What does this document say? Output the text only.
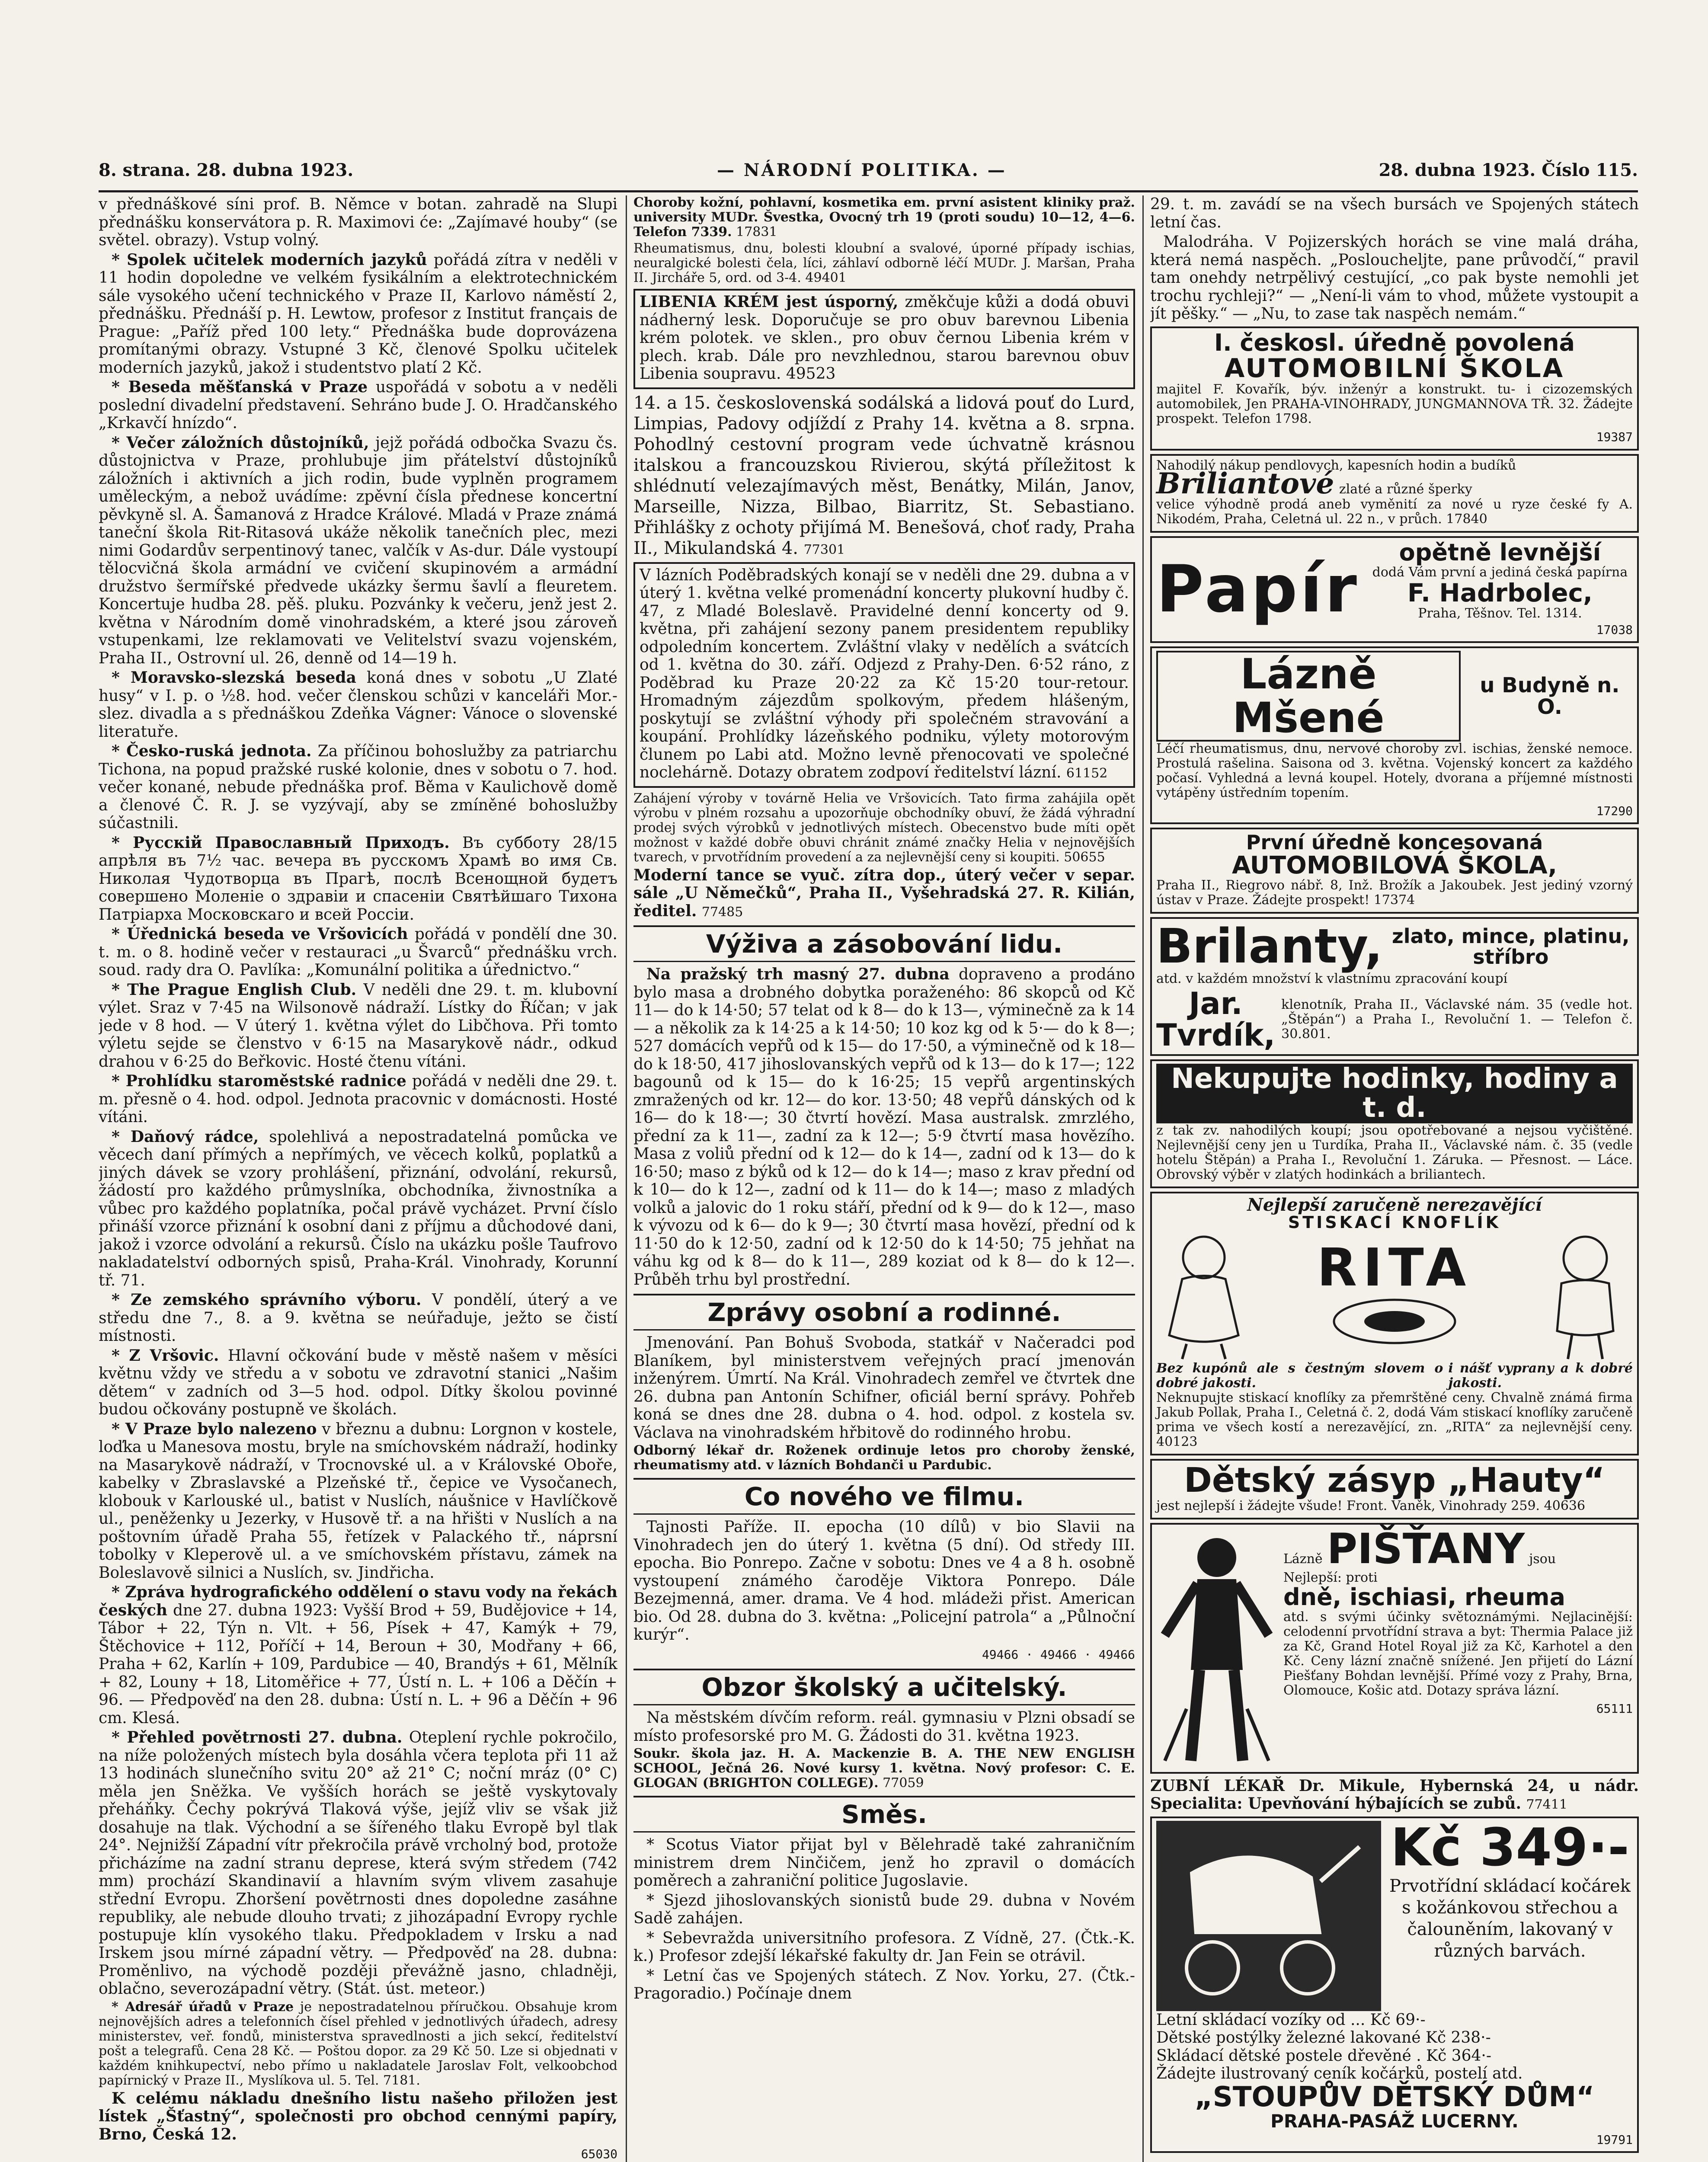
8. strana. 28. dubna 1923.	— NÁRODNÍ POLITIKA. —	28. dubna 1923. Číslo 115.

v přednáškové síni prof. B. Němce v botan. zahradě na Slupi přednášku konservátora p. R. Maximovi će: „Zajímavé houby“ (se světel. obrazy). Vstup volný.

* Spolek učitelek moderních jazyků pořádá zítra v neděli v 11 hodin dopoledne ve velkém fysikálním a elektrotechnickém sále vysokého učení technického v Praze II, Karlovo náměstí 2, přednášku. Přednáší p. H. Lewtow, profesor z Institut français de Prague: „Paříž před 100 lety.“ Přednáška bude doprovázena promítanými obrazy. Vstupné 3 Kč, členové Spolku učitelek moderních jazyků, jakož i studentstvo platí 2 Kč.

* Beseda měšťanská v Praze uspořádá v sobotu a v neděli poslední divadelní představení. Sehráno bude J. O. Hradčanského „Krkavčí hnízdo“.

* Večer záložních důstojníků, jejž pořádá odbočka Svazu čs. důstojnictva v Praze, prohlubuje jim přátelství důstojníků záložních i aktivních a jich rodin, bude vyplněn programem uměleckým, a nebož uvádíme: zpěvní čísla přednese koncertní pěvkyně sl. A. Šamanová z Hradce Králové. Mladá v Praze známá taneční škola Rit-Ritasová ukáže několik tanečních plec, mezi nimi Godardův serpentinový tanec, valčík v As-dur. Dále vystoupí tělocvičná škola armádní ve cvičení skupinovém a armádní družstvo šermířské předvede ukázky šermu šavlí a fleuretem. Koncertuje hudba 28. pěš. pluku. Pozvánky k večeru, jenž jest 2. května v Národním domě vinohradském, a které jsou zároveň vstupenkami, lze reklamovati ve Velitelství svazu vojenském, Praha II., Ostrovní ul. 26, denně od 14—19 h.

* Moravsko-slezská beseda koná dnes v sobotu „U Zlaté husy“ v I. p. o ½8. hod. večer členskou schůzi v kanceláři Mor.-slez. divadla a s přednáškou Zdeňka Vágner: Vánoce o slovenské literatuře.

* Česko-ruská jednota. Za příčinou bohoslužby za patriarchu Tichona, na popud pražské ruské kolonie, dnes v sobotu o 7. hod. večer konané, nebude přednáška prof. Běma v Kaulichově domě a členové Č. R. J. se vyzývají, aby se zmíněné bohoslužby súčastnili.

* Русскій Православный Приходъ. Въ субботу 28/15 апрѣля въ 7½ час. вечера въ русскомъ Храмѣ во имя Св. Николая Чудотворца въ Прагѣ, послѣ Всенощной будетъ совершено Моленіе о здравіи и спасеніи Святѣйшаго Тихона Патріарха Московскаго и всей Россіи.

* Úřednická beseda ve Vršovicích pořádá v pondělí dne 30. t. m. o 8. hodině večer v restauraci „u Švarců“ přednášku vrch. soud. rady dra O. Pavlíka: „Komunální politika a úřednictvo.“

* The Prague English Club. V neděli dne 29. t. m. klubovní výlet. Sraz v 7·45 na Wilsonově nádraží. Lístky do Říčan; v jak jede v 8 hod. — V úterý 1. května výlet do Libčhova. Při tomto výletu sejde se členstvo v 6·15 na Masarykově nádr., odkud drahou v 6·25 do Beřkovic. Hosté čtenu vítáni.

* Prohlídku staroměstské radnice pořádá v neděli dne 29. t. m. přesně o 4. hod. odpol. Jednota pracovnic v domácnosti. Hosté vítáni.

* Daňový rádce, spolehlivá a nepostradatelná pomůcka ve věcech daní přímých a nepřímých, ve věcech kolků, poplatků a jiných dávek se vzory prohlášení, přiznání, odvolání, rekursů, žádostí pro každého průmyslníka, obchodníka, živnostníka a vůbec pro každého poplatníka, počal právě vycházet. První číslo přináší vzorce přiznání k osobní dani z příjmu a důchodové dani, jakož i vzorce odvolání a rekursů. Číslo na ukázku pošle Taufrovo nakladatelství odborných spisů, Praha-Král. Vinohrady, Korunní tř. 71.

* Ze zemského správního výboru. V pondělí, úterý a ve středu dne 7., 8. a 9. května se neúřaduje, ježto se čistí místnosti.

* Z Vršovic. Hlavní očkování bude v městě našem v měsíci květnu vždy ve středu a v sobotu ve zdravotní stanici „Našim dětem“ v zadních od 3—5 hod. odpol. Dítky školou povinné budou očkovány postupně ve školách.

* V Praze bylo nalezeno v březnu a dubnu: Lorgnon v kostele, loďka u Manesova mostu, bryle na smíchovském nádraží, hodinky na Masarykově nádraží, v Trocnovské ul. a v Královské Oboře, kabelky v Zbraslavské a Plzeňské tř., čepice ve Vysočanech, klobouk v Karlouské ul., batist v Nuslích, náušnice v Havlíčkově ul., peněženky u Jezerky, v Husově tř. a na hřišti v Nuslích a na poštovním úřadě Praha 55, řetízek v Palackého tř., náprsní tobolky v Kleperově ul. a ve smíchovském přístavu, zámek na Boleslavově silnici a Nuslích, sv. Jindřicha.

* Zpráva hydrografického oddělení o stavu vody na řekách českých dne 27. dubna 1923: Vyšší Brod + 59, Budějovice + 14, Tábor + 22, Týn n. Vlt. + 56, Písek + 47, Kamýk + 79, Štěchovice + 112, Poříčí + 14, Beroun + 30, Modřany + 66, Praha + 62, Karlín + 109, Pardubice — 40, Brandýs + 61, Mělník + 82, Louny + 18, Litoměřice + 77, Ústí n. L. + 106 a Děčín + 96. — Předpověď na den 28. dubna: Ústí n. L. + 96 a Děčín + 96 cm. Klesá.

* Přehled povětrnosti 27. dubna. Oteplení rychle pokročilo, na níže položených místech byla dosáhla včera teplota při 11 až 13 hodinách slunečního svitu 20° až 21° C; noční mráz (0° C) měla jen Sněžka. Ve vyšších horách se ještě vyskytovaly přeháňky. Čechy pokrývá Tlaková výše, jejíž vliv se však již dosahuje na tlak. Východní a se šířeného tlaku Evropě byl tlak 24°. Nejnižší Západní vítr překročila právě vrcholný bod, protože přicházíme na zadní stranu deprese, která svým středem (742 mm) prochází Skandinavií a hlavním svým vlivem zasahuje střední Evropu. Zhoršení povětrnosti dnes dopoledne zasáhne republiky, ale nebude dlouho trvati; z jihozápadní Evropy rychle postupuje klín vysokého tlaku. Předpokladem v Irsku a nad Irskem jsou mírné západní větry. — Předpověď na 28. dubna: Proměnlivo, na východě později převážně jasno, chladněji, oblačno, severozápadní větry. (Stát. úst. meteor.)

* Adresář úřadů v Praze je nepostradatelnou příručkou. Obsahuje krom nejnovějších adres a telefonních čísel přehled v jednotlivých úřadech, adresy ministerstev, veř. fondů, ministerstva spravedlnosti a jich sekcí, ředitelství pošt a telegrafů. Cena 28 Kč. — Poštou dopor. za 29 Kč 50. Lze si objednati v každém knihkupectví, nebo přímo u nakladatele Jaroslav Folt, velkoobchod papírnický v Praze II., Myslíkova ul. 5. Tel. 7181.

K celému nákladu dnešního listu našeho přiložen jest lístek „Šťastný“, společnosti pro obchod cennými papíry, Brno, Česká 12.

65030

Choroby kožní, pohlavní, kosmetika em. první asistent kliniky praž. university MUDr. Švestka, Ovocný trh 19 (proti soudu) 10—12, 4—6. Telefon 7339. 17831

Rheumatismus, dnu, bolesti kloubní a svalové, úporné případy ischias, neuralgické bolesti čela, líci, záhlaví odborně léčí MUDr. J. Maršan, Praha II. Jircháře 5, ord. od 3-4. 49401

LIBENIA KRÉM jest úsporný, změkčuje kůži a dodá obuvi nádherný lesk. Doporučuje se pro obuv barevnou Libenia krém polotek. ve sklen., pro obuv černou Libenia krém v plech. krab. Dále pro nevzhlednou, starou barevnou obuv Libenia soupravu. 49523

14. a 15. československá sodálská a lidová pouť do Lurd, Limpias, Padovy odjíždí z Prahy 14. května a 8. srpna. Pohodlný cestovní program vede úchvatně krásnou italskou a francouzskou Rivierou, skýtá příležitost k shlédnutí velezajímavých měst, Benátky, Milán, Janov, Marseille, Nizza, Bilbao, Biarritz, St. Sebastiano. Přihlášky z ochoty přijímá M. Benešová, choť rady, Praha II., Mikulandská 4. 77301

V lázních Poděbradských konají se v neděli dne 29. dubna a v úterý 1. května velké promenádní koncerty plukovní hudby č. 47, z Mladé Boleslavě. Pravidelné denní koncerty od 9. května, při zahájení sezony panem presidentem republiky odpoledním koncertem. Zvláštní vlaky v nedělích a svátcích od 1. května do 30. září. Odjezd z Prahy-Den. 6·52 ráno, z Poděbrad ku Praze 20·22 za Kč 15·20 tour-retour. Hromadným zájezdům spolkovým, předem hlášeným, poskytují se zvláštní výhody při společném stravování a koupání. Prohlídky lázeňského podniku, výlety motorovým člunem po Labi atd. Možno levně přenocovati ve společné noclehárně. Dotazy obratem zodpoví ředitelství lázní. 61152

Zahájení výroby v továrně Helia ve Vršovicích. Tato firma zahájila opět výrobu v plném rozsahu a upozorňuje obchodníky obuví, že žádá výhradní prodej svých výrobků v jednotlivých místech. Obecenstvo bude míti opět možnost v každé dobře obuvi chránit známé značky Helia v nejnovějších tvarech, v prvotřídním provedení a za nejlevnější ceny si koupiti. 50655

Moderní tance se vyuč. zítra dop., úterý večer v separ. sále „U Němečků“, Praha II., Vyšehradská 27. R. Kilián, ředitel. 77485

Výživa a zásobování lidu.

Na pražský trh masný 27. dubna dopraveno a prodáno bylo masa a drobného dobytka poraženého: 86 skopců od Kč 11— do k 14·50; 57 telat od k 8— do k 13—, výminečně za k 14— a několik za k 14·25 a k 14·50; 10 koz kg od k 5·— do k 8—; 527 domácích vepřů od k 15— do 17·50, a výminečně od k 18— do k 18·50, 417 jihoslovanských vepřů od k 13— do k 17—; 122 bagounů od k 15— do k 16·25; 15 vepřů argentinských zmražených od kr. 12— do kor. 13·50; 48 vepřů dánských od k 16— do k 18·—; 30 čtvrtí hovězí. Masa australsk. zmrzlého, přední za k 11—, zadní za k 12—; 5·9 čtvrtí masa hovězího. Masa z voliů přední od k 12— do k 14—, zadní od k 13— do k 16·50; maso z býků od k 12— do k 14—; maso z krav přední od k 10— do k 12—, zadní od k 11— do k 14—; maso z mladých volků a jalovic do 1 roku stáří, přední od k 9— do k 12—, maso k vývozu od k 6— do k 9—; 30 čtvrtí masa hovězí, přední od k 11·50 do k 12·50, zadní od k 12·50 do k 14·50; 75 jehňat na váhu kg od k 8— do k 11—, 289 koziat od k 8— do k 12—. Průběh trhu byl prostřední.

Zprávy osobní a rodinné.

Jmenování. Pan Bohuš Svoboda, statkář v Načeradci pod Blaníkem, byl ministerstvem veřejných prací jmenován inženýrem. Úmrtí. Na Král. Vinohradech zemřel ve čtvrtek dne 26. dubna pan Antonín Schifner, oficiál berní správy. Pohřeb koná se dnes dne 28. dubna o 4. hod. odpol. z kostela sv. Václava na vinohradském hřbitově do rodinného hrobu.

Odborný lékař dr. Roženek ordinuje letos pro choroby ženské, rheumatismy atd. v lázních Bohdanči u Pardubic.

Co nového ve filmu.

Tajnosti Paříže. II. epocha (10 dílů) v bio Slavii na Vinohradech jen do úterý 1. května (5 dní). Od středy III. epocha. Bio Ponrepo. Začne v sobotu: Dnes ve 4 a 8 h. osobně vystoupení známého čaroděje Viktora Ponrepo. Dále Bezejmenná, amer. drama. Ve 4 hod. mládeži přist. American bio. Od 28. dubna do 3. května: „Policejní patrola“ a „Půlnoční kurýr“.

49466 · 49466 · 49466
Obzor školský a učitelský.

Na městském dívčím reform. reál. gymnasiu v Plzni obsadí se místo profesorské pro M. G. Žádosti do 31. května 1923.

Soukr. škola jaz. H. A. Mackenzie B. A. THE NEW ENGLISH SCHOOL, Ječná 26. Nové kursy 1. května. Nový profesor: C. E. GLOGAN (BRIGHTON COLLEGE). 77059

Směs.

* Scotus Viator přijat byl v Bělehradě také zahraničním ministrem drem Ninčičem, jenž ho zpravil o domácích poměrech a zahraniční politice Jugoslavie.

* Sjezd jihoslovanských sionistů bude 29. dubna v Novém Sadě zahájen.

* Sebevražda universitního profesora. Z Vídně, 27. (Čtk.-K. k.) Profesor zdejší lékařské fakulty dr. Jan Fein se otrávil.

* Letní čas ve Spojených státech. Z Nov. Yorku, 27. (Čtk.-Pragoradio.) Počínaje dnem

29. t. m. zavádí se na všech bursách ve Spojených státech letní čas.

Malodráha. V Pojizerských horách se vine malá dráha, která nemá naspěch. „Posloucheljte, pane průvodčí,“ pravil tam onehdy netrpělivý cestující, „co pak byste nemohli jet trochu rychleji?“ — „Není-li vám to vhod, můžete vystoupit a jít pěšky.“ — „Nu, to zase tak naspěch nemám.“

I. českosl. úředně povolená
AUTOMOBILNÍ ŠKOLA

majitel F. Kovařík, býv. inženýr a konstrukt. tu- i cizozemských automobilek, Jen PRAHA-VINOHRADY, JUNGMANNOVA TŘ. 32. Žádejte prospekt. Telefon 1798.

19387

Nahodilý nákup pendlovych, kapesních hodin a budíků

Briliantové zlaté a různé šperky

velice výhodně prodá aneb vyměnití za nové u ryze české fy A. Nikodém, Praha, Celetná ul. 22 n., v průch. 17840

Papír	opětně levnější
dodá Vám první a jediná česká papírna
F. Hadrbolec,
Praha, Těšnov. Tel. 1314.
17038
Lázně Mšené
u Budyně n. O.

Léčí rheumatismus, dnu, nervové choroby zvl. ischias, ženské nemoce. Prostulá rašelina. Saisona od 3. května. Vojenský koncert za každého počasí. Vyhledná a levná koupel. Hotely, dvorana a příjemné místnosti vytápěny ústředním topením.

17290
První úředně koncesovaná
AUTOMOBILOVÁ ŠKOLA,

Praha II., Riegrovo nábř. 8, Inž. Brožík a Jakoubek. Jest jediný vzorný ústav v Praze. Žádejte prospekt! 17374

Brilanty, zlato, mince, platinu, stříbro

atd. v každém množství k vlastnímu zpracování koupí

Jar. Tvrdík,
klenotník, Praha II., Václavské nám. 35 (vedle hot. „Štěpán“) a Praha I., Revoluční 1. — Telefon č. 30.801.
Nekupujte hodinky, hodiny a t. d.

z tak zv. nahodilých koupí; jsou opotřebované a nejsou vyčištěné. Nejlevnější ceny jen u Turdíka, Praha II., Václavské nám. č. 35 (vedle hotelu Štěpán) a Praha I., Revoluční 1. Záruka. — Přesnost. — Láce. Obrovský výběr v zlatých hodinkách a briliantech.

Nejlepší zaručeně nerezavějící
STISKACÍ KNOFLÍK
RITA
Bez kupónů ale s čestným slovem o dobré jakosti.
i nášť vyprany a k dobré jakosti.

Neknupujte stiskací knoflíky za přemrštěné ceny. Chvalně známá firma Jakub Pollak, Praha I., Celetná č. 2, dodá Vám stiskací knoflíky zaručeně prima ve všech kostí a nerezavějící, zn. „RITA“ za nejlevnější ceny. 40123

Dětský zásyp „Hauty“

jest nejlepší i žádejte všude! Front. Vaněk, Vinohrady 259. 40636

Lázně PIŠŤANY jsou
Nejlepší: proti
dně, ischiasi, rheuma

atd. s svými účinky světoznámými. Nejlacinější: celodenní prvotřídní strava a byt: Thermia Palace již za Kč, Grand Hotel Royal již za Kč, Karhotel a den Kč. Ceny lázní značně snížené. Jen přijetí do Lázní Piešťany Bohdan levnější. Přímé vozy z Prahy, Brna, Olomouce, Košic atd. Dotazy správa lázní.

65111

ZUBNÍ LÉKAŘ Dr. Mikule, Hybernská 24, u nádr. Specialita: Upevňování hýbajících se zubů. 77411

Kč 349·-

Prvotřídní skládací kočárek s kožánkovou střechou a čalouněním, lakovaný v různých barvách.

Letní skládací vozíky od ... Kč 69·-
Dětské postýlky železné lakované Kč 238·-
Skládací dětské postele dřevěné . Kč 364·-
Žádejte ilustrovaný ceník kočárků, postelí atd.
„STOUPŮV DĚTSKÝ DŮM“
PRAHA-PASÁŽ LUCERNY.
19791
